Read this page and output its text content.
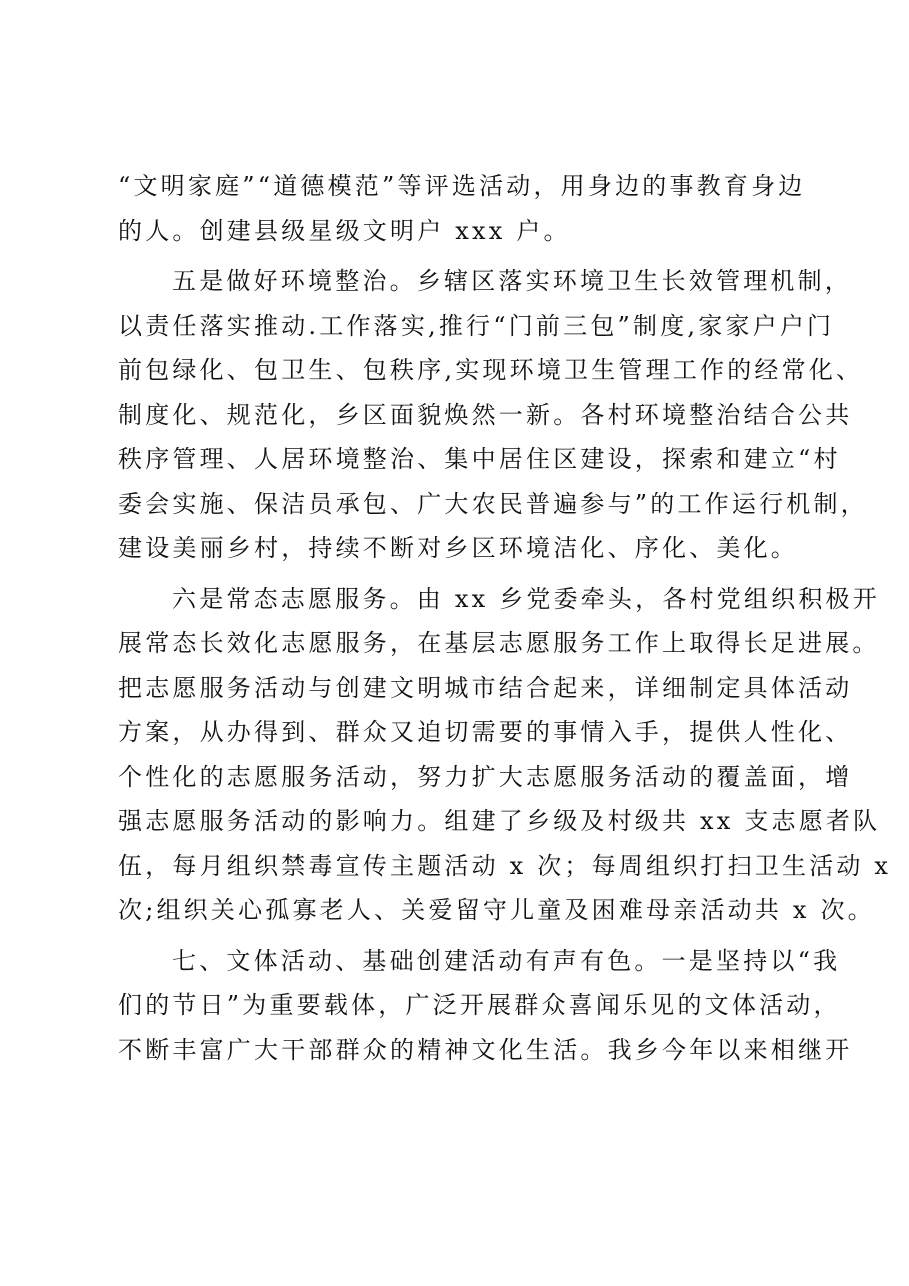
“文明家庭”“道德模范”等评选活动，用身边的事教育身边
的人。创建县级星级文明户 xxx 户。
五是做好环境整治。乡辖区落实环境卫生长效管理机制，
以责任落实推动.工作落实,推行“门前三包”制度,家家户户门
前包绿化、包卫生、包秩序,实现环境卫生管理工作的经常化、
制度化、规范化，乡区面貌焕然一新。各村环境整治结合公共
秩序管理、人居环境整治、集中居住区建设，探索和建立“村
委会实施、保洁员承包、广大农民普遍参与”的工作运行机制，
建设美丽乡村，持续不断对乡区环境洁化、序化、美化。
六是常态志愿服务。由 xx 乡党委牵头，各村党组织积极开
展常态长效化志愿服务，在基层志愿服务工作上取得长足进展。
把志愿服务活动与创建文明城市结合起来，详细制定具体活动
方案，从办得到、群众又迫切需要的事情入手，提供人性化、
个性化的志愿服务活动，努力扩大志愿服务活动的覆盖面，增
强志愿服务活动的影响力。组建了乡级及村级共 xx 支志愿者队
伍，每月组织禁毒宣传主题活动 x 次；每周组织打扫卫生活动 x
次;组织关心孤寡老人、关爱留守儿童及困难母亲活动共 x 次。
七、文体活动、基础创建活动有声有色。一是坚持以“我
们的节日”为重要载体，广泛开展群众喜闻乐见的文体活动，
不断丰富广大干部群众的精神文化生活。我乡今年以来相继开
